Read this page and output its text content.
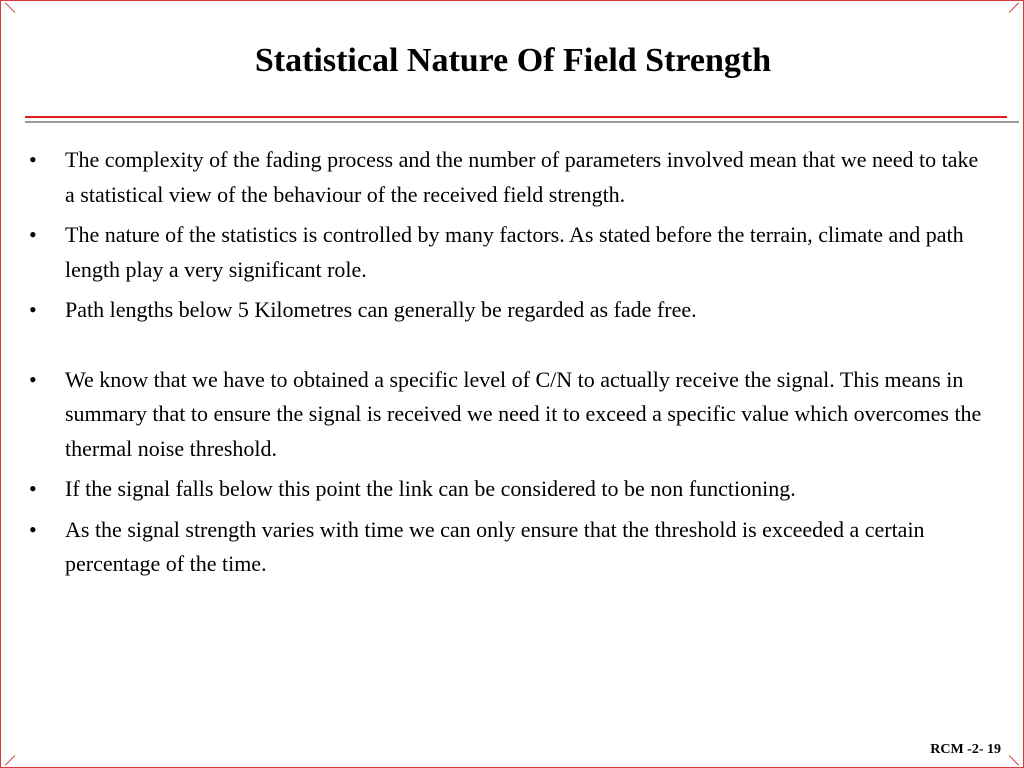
Statistical Nature Of Field Strength
• The complexity of the fading process and the number of parameters involved mean that we need to take a statistical view of the behaviour of the received field strength.
• The nature of the statistics is controlled by many factors. As stated before the terrain, climate and path length play a very significant role.
• Path lengths below 5 Kilometres can generally be regarded as fade free.
• We know that we have to obtained a specific level of C/N to actually receive the signal. This means in summary that to ensure the signal is received we need it to exceed a specific value which overcomes the thermal noise threshold.
• If the signal falls below this point the link can be considered to be non functioning.
• As the signal strength varies with time we can only ensure that the threshold is exceeded a certain percentage of the time.
RCM -2- 19
